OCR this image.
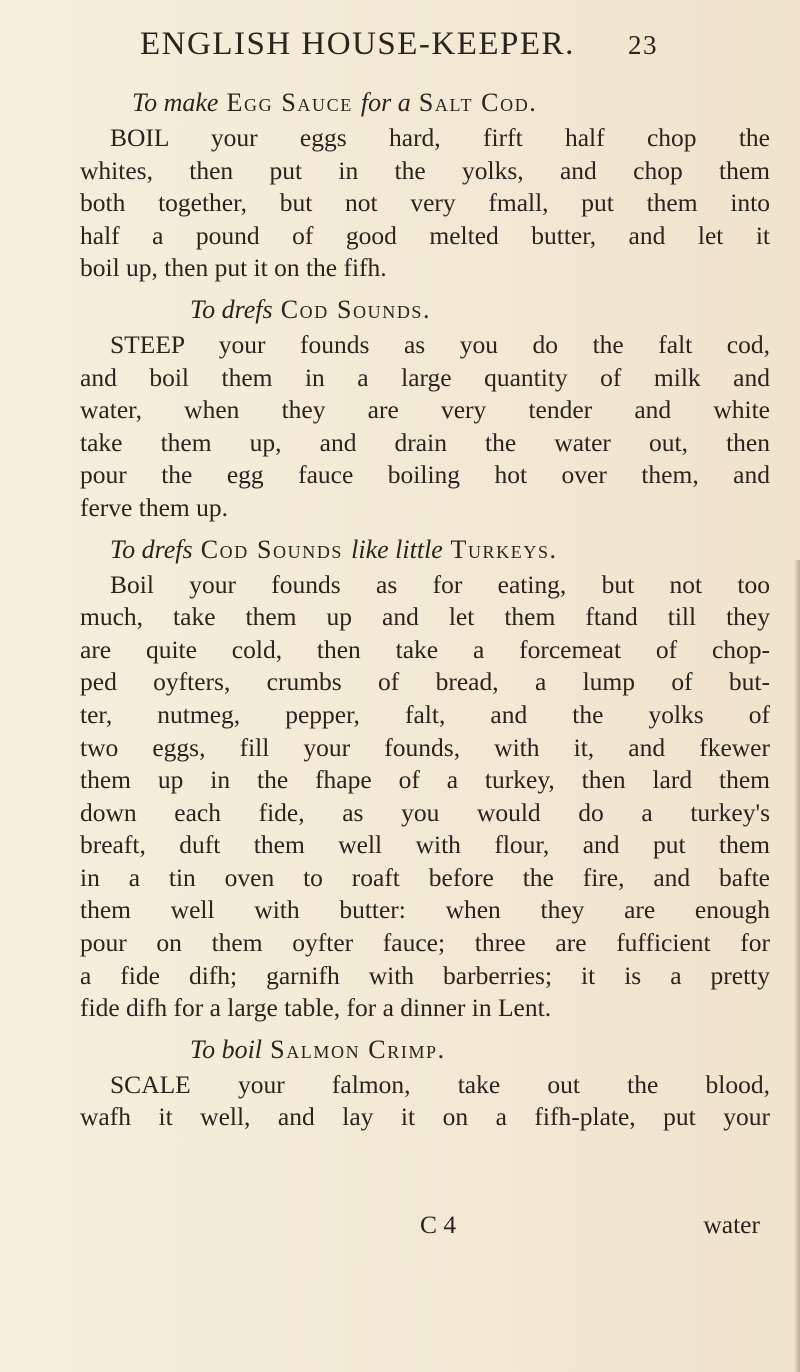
ENGLISH HOUSE-KEEPER. 23
To make Egg Sauce for a Salt Cod.

BOIL your eggs hard, firft half chop the
whites, then put in the yolks, and chop them
both together, but not very fmall, put them into
half a pound of good melted butter, and let it
boil up, then put it on the fifh.

To drefs Cod Sounds.

STEEP your founds as you do the falt cod,
and boil them in a large quantity of milk and
water, when they are very tender and white
take them up, and drain the water out, then
pour the egg fauce boiling hot over them, and
ferve them up.

To drefs Cod Sounds like little Turkeys.

Boil your founds as for eating, but not too
much, take them up and let them ftand till they
are quite cold, then take a forcemeat of chop-
ped oyfters, crumbs of bread, a lump of but-
ter, nutmeg, pepper, falt, and the yolks of
two eggs, fill your founds, with it, and fkewer
them up in the fhape of a turkey, then lard them
down each fide, as you would do a turkey's
breaft, duft them well with flour, and put them
in a tin oven to roaft before the fire, and bafte
them well with butter: when they are enough
pour on them oyfter fauce; three are fufficient for
a fide difh; garnifh with barberries; it is a pretty
fide difh for a large table, for a dinner in Lent.

To boil Salmon Crimp.

SCALE your falmon, take out the blood,
wafh it well, and lay it on a fifh-plate, put your

C 4	water
